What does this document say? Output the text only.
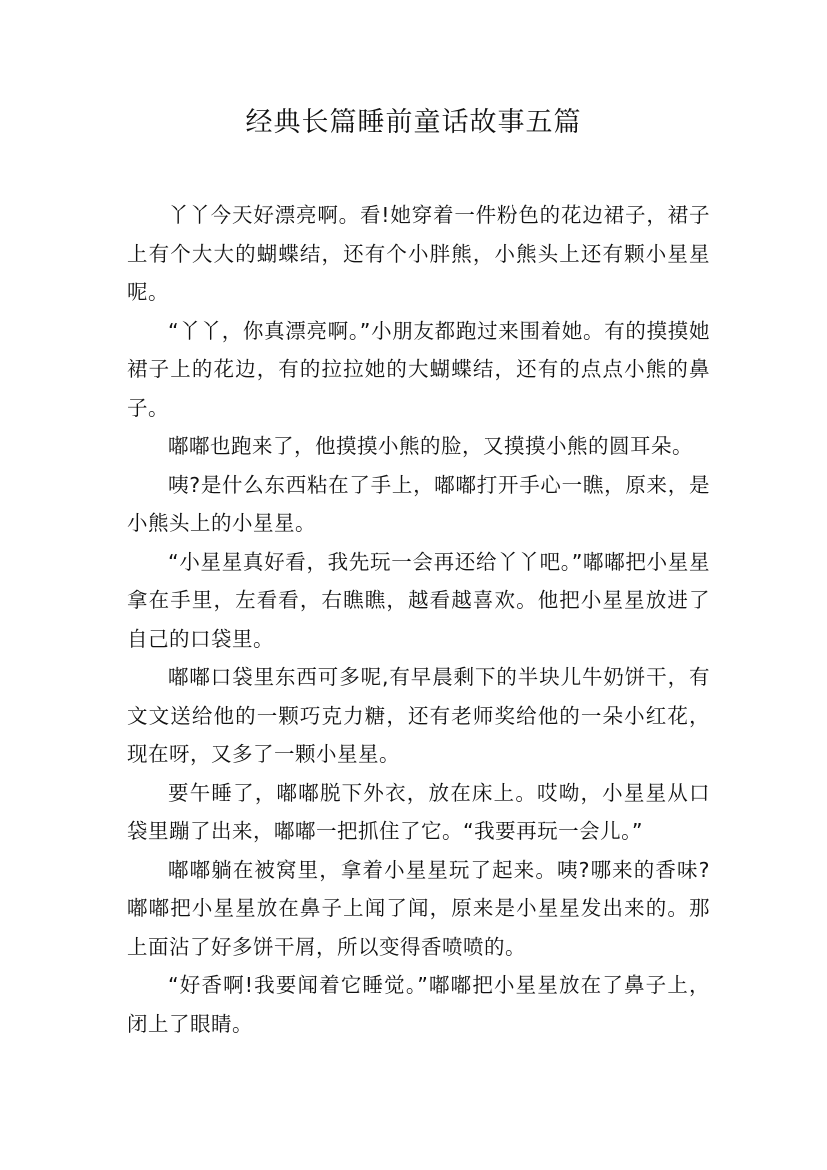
经典长篇睡前童话故事五篇

丫丫今天好漂亮啊。看!她穿着一件粉色的花边裙子，裙子上有个大大的蝴蝶结，还有个小胖熊，小熊头上还有颗小星星呢。

“丫丫，你真漂亮啊。”小朋友都跑过来围着她。有的摸摸她裙子上的花边，有的拉拉她的大蝴蝶结，还有的点点小熊的鼻子。

嘟嘟也跑来了，他摸摸小熊的脸，又摸摸小熊的圆耳朵。

咦?是什么东西粘在了手上，嘟嘟打开手心一瞧，原来，是小熊头上的小星星。

“小星星真好看，我先玩一会再还给丫丫吧。”嘟嘟把小星星拿在手里，左看看，右瞧瞧，越看越喜欢。他把小星星放进了自己的口袋里。

嘟嘟口袋里东西可多呢,有早晨剩下的半块儿牛奶饼干，有文文送给他的一颗巧克力糖，还有老师奖给他的一朵小红花，现在呀，又多了一颗小星星。

要午睡了，嘟嘟脱下外衣，放在床上。哎呦，小星星从口袋里蹦了出来，嘟嘟一把抓住了它。“我要再玩一会儿。”

嘟嘟躺在被窝里，拿着小星星玩了起来。咦?哪来的香味?嘟嘟把小星星放在鼻子上闻了闻，原来是小星星发出来的。那上面沾了好多饼干屑，所以变得香喷喷的。

“好香啊!我要闻着它睡觉。”嘟嘟把小星星放在了鼻子上，闭上了眼睛。
